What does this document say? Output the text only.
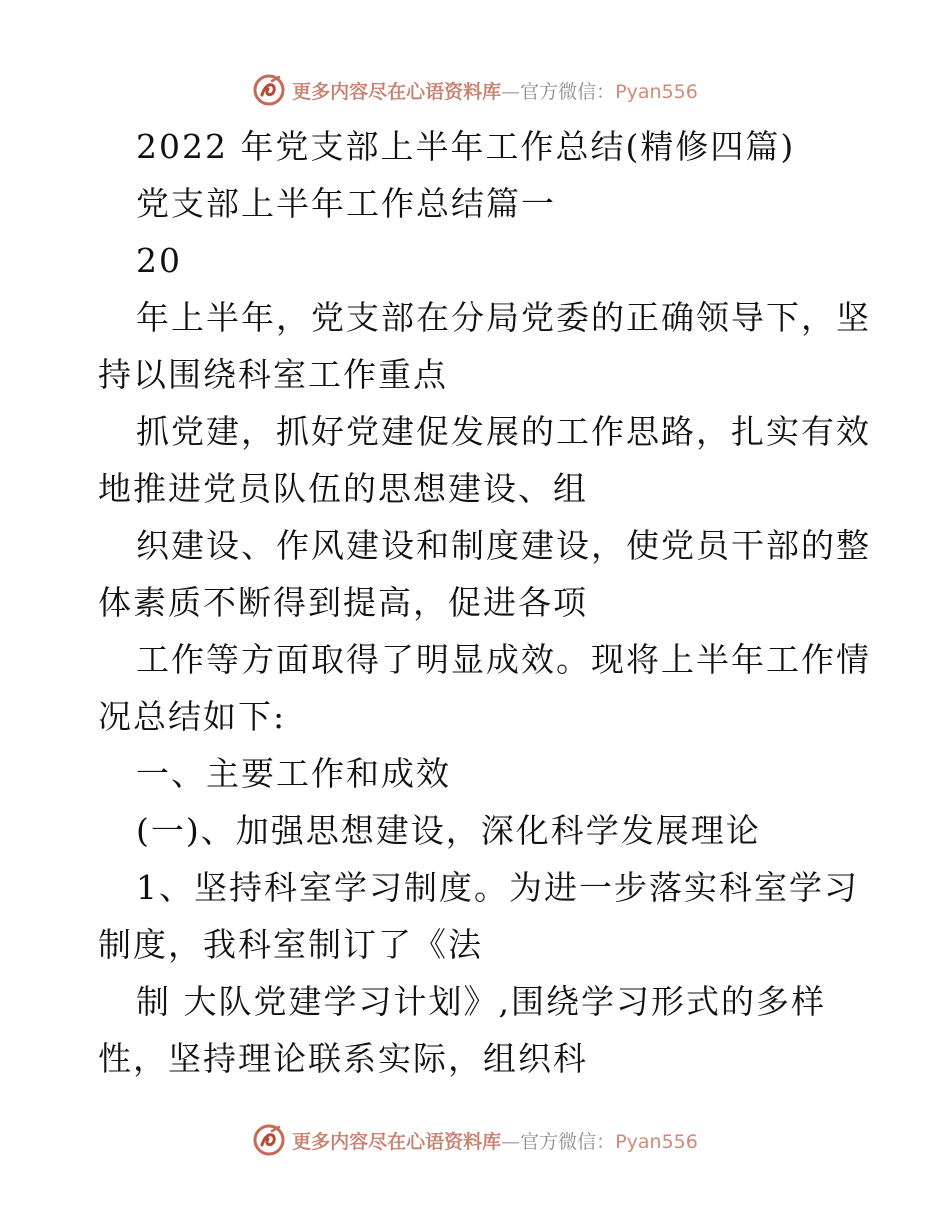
更多内容尽在心语资料库—官方微信：Pyan556
2022 年党支部上半年工作总结(精修四篇)
党支部上半年工作总结篇一
20
年上半年，党支部在分局党委的正确领导下，坚
持以围绕科室工作重点
抓党建，抓好党建促发展的工作思路，扎实有效
地推进党员队伍的思想建设、组
织建设、作风建设和制度建设，使党员干部的整
体素质不断得到提高，促进各项
工作等方面取得了明显成效。现将上半年工作情
况总结如下:
一、主要工作和成效
(一)、加强思想建设，深化科学发展理论
1、坚持科室学习制度。为进一步落实科室学习
制度，我科室制订了《法
制 大队党建学习计划》,围绕学习形式的多样
性，坚持理论联系实际，组织科
更多内容尽在心语资料库—官方微信：Pyan556
